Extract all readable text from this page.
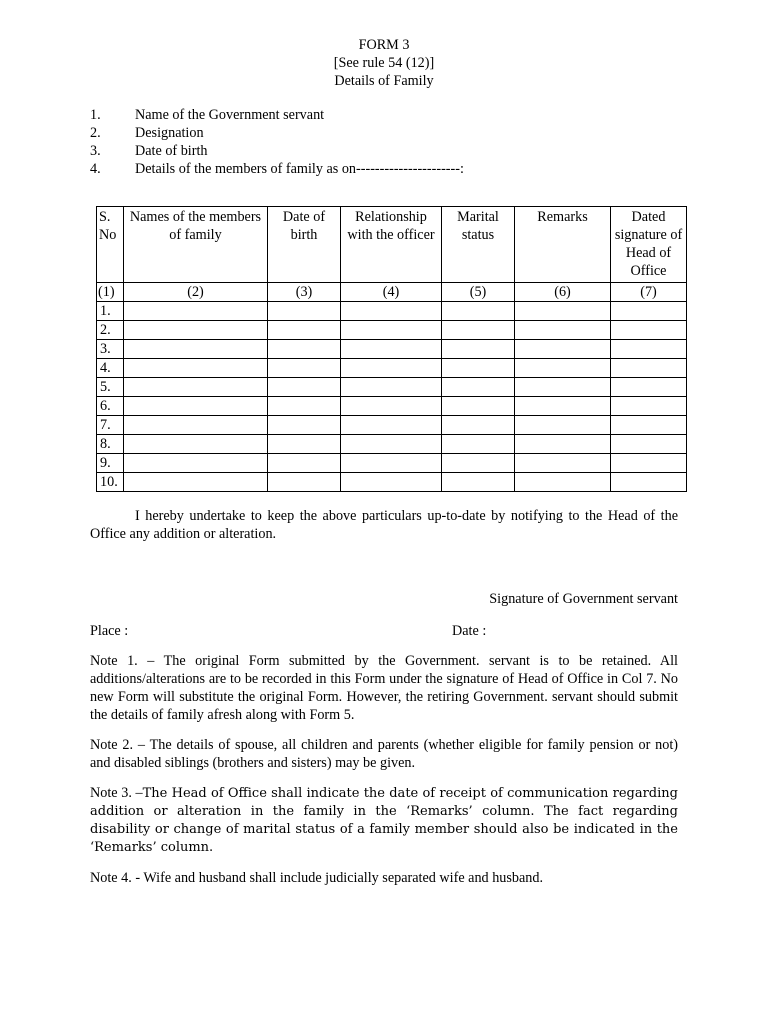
FORM 3
[See rule 54 (12)]
Details of Family
1.	Name of the Government servant
2.	Designation
3.	Date of birth
4.	Details of the members of family as on----------------------:
S. No	Names of the members of family	Date of birth	Relationship with the officer	Marital status	Remarks	Dated signature of Head of Office
(1)	(2)	(3)	(4)	(5)	(6)	(7)
1.						
2.						
3.						
4.						
5.						
6.						
7.						
8.						
9.						
10.						
I hereby undertake to keep the above particulars up-to-date by notifying to the Head of the Office any addition or alteration.
Signature of Government servant
Place :	Date :
Note 1. – The original Form submitted by the Government. servant is to be retained. All additions/alterations are to be recorded in this Form under the signature of Head of Office in Col 7. No new Form will substitute the original Form. However, the retiring Government. servant should submit the details of family afresh along with Form 5.
Note 2. – The details of spouse, all children and parents (whether eligible for family pension or not) and disabled siblings (brothers and sisters) may be given.
Note 3. –The Head of Office shall indicate the date of receipt of communication regarding addition or alteration in the family in the ‘Remarks’ column. The fact regarding disability or change of marital status of a family member should also be indicated in the ‘Remarks’ column.
Note 4. - Wife and husband shall include judicially separated wife and husband.
